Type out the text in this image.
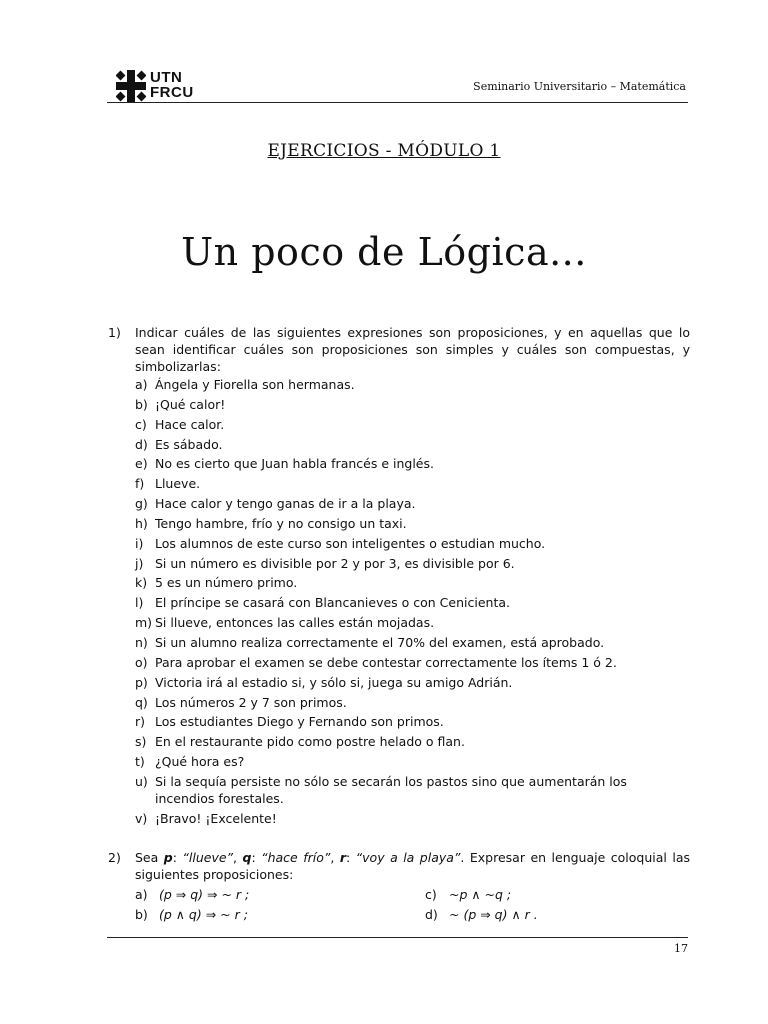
UTN
FRCU	Seminario Universitario – Matemática
EJERCICIOS - MÓDULO 1
Un poco de Lógica...
1)	Indicar cuáles de las siguientes expresiones son proposiciones, y en aquellas que lo sean identificar cuáles son proposiciones son simples y cuáles son compuestas, y simbolizarlas:
a) Ángela y Fiorella son hermanas.
b) ¡Qué calor!
c) Hace calor.
d) Es sábado.
e) No es cierto que Juan habla francés e inglés.
f) Llueve.
g) Hace calor y tengo ganas de ir a la playa.
h) Tengo hambre, frío y no consigo un taxi.
i) Los alumnos de este curso son inteligentes o estudian mucho.
j) Si un número es divisible por 2 y por 3, es divisible por 6.
k) 5 es un número primo.
l) El príncipe se casará con Blancanieves o con Cenicienta.
m) Si llueve, entonces las calles están mojadas.
n) Si un alumno realiza correctamente el 70% del examen, está aprobado.
o) Para aprobar el examen se debe contestar correctamente los ítems 1 ó 2.
p) Victoria irá al estadio si, y sólo si, juega su amigo Adrián.
q) Los números 2 y 7 son primos.
r) Los estudiantes Diego y Fernando son primos.
s) En el restaurante pido como postre helado o flan.
t) ¿Qué hora es?
u) Si la sequía persiste no sólo se secarán los pastos sino que aumentarán los incendios forestales.
v) ¡Bravo! ¡Excelente!
2)	Sea p: “llueve”, q: “hace frío”, r: “voy a la playa”. Expresar en lenguaje coloquial las siguientes proposiciones:
a) (p ⇒ q) ⇒ ~ r ;	c) ~p ∧ ~q ;
b) (p ∧ q) ⇒ ~ r ;	d) ~ (p ⇒ q) ∧ r .
17
